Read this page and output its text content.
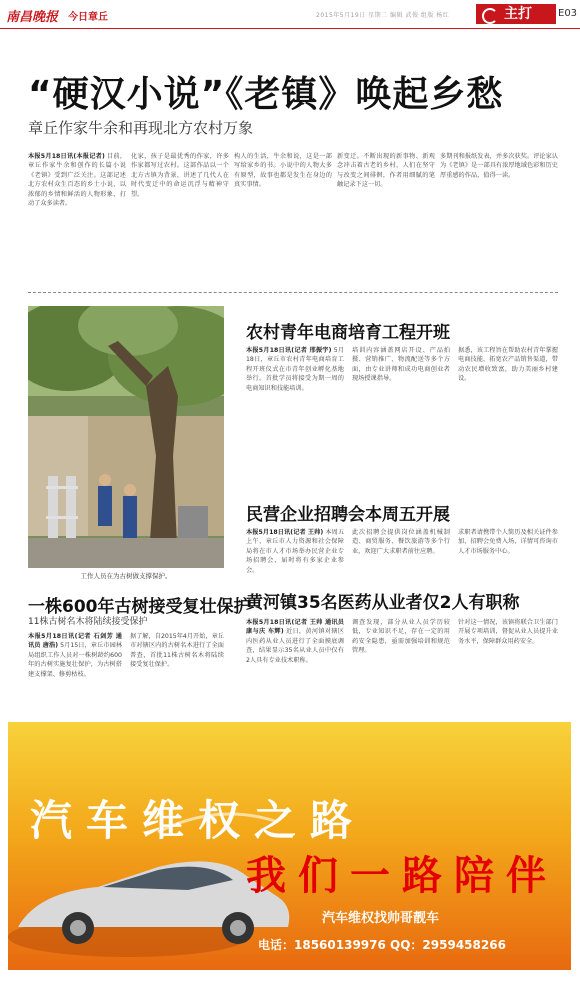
南昌晚报 今日章丘	2015年5月19日 星期二 编辑 武俊 组版 杨红	主打	E03
“硬汉小说”《老镇》唤起乡愁
章丘作家牛余和再现北方农村万象
本报5月18日讯(本报记者) 目前，章丘作家牛余和创作的长篇小说《老镇》受到广泛关注。这部记述北方农村众生百态的乡土小说，以浓郁的乡情和鲜活的人物形象，打动了众多读者。
化家，孩子是最优秀的作家，许多作家都写过农村。这部作品以一个北方古镇为背景，讲述了几代人在时代变迁中的命运沉浮与精神守望。
构人的生活，牛余和说，这是一部写给家乡的书。小说中的人物大多有原型，故事也都是发生在身边的真实事情。
新变迁。不断出现的新事物、新观念冲击着古老的乡村，人们在坚守与改变之间徘徊，作者用细腻的笔触记录下这一切。
多期刊和报纸发表，并多次获奖。评论家认为《老镇》是一部具有浓厚地域色彩和历史厚重感的作品，值得一读。
工作人员在为古树做支撑保护。
一株600年古树接受复壮保护
11株古树名木将陆续接受保护
本报5月18日讯(记者 石剑芳 通讯员 唐浩) 5月15日，章丘市园林局组织工作人员对一株树龄约600年的古树实施复壮保护，为古树搭建支撑架、修剪枯枝。
据了解，自2015年4月开始，章丘市对辖区内的古树名木进行了全面普查，首批11株古树名木将陆续接受复壮保护。
农村青年电商培育工程开班
本报5月18日讯(记者 邢振宇) 5月18日，章丘市农村青年电商培育工程开班仪式在市青年创业孵化基地举行。首批学员将接受为期一周的电商知识和技能培训。
培训内容涵盖网店开设、产品拍摄、营销推广、物流配送等多个方面，由专业讲师和成功电商创业者现场授课指导。
据悉，该工程旨在帮助农村青年掌握电商技能，拓宽农产品销售渠道，带动农民增收致富，助力美丽乡村建设。
民营企业招聘会本周五开展
本报5月18日讯(记者 王帅) 本周五上午，章丘市人力资源和社会保障局将在市人才市场举办民营企业专场招聘会，届时将有多家企业参会。
此次招聘会提供岗位涵盖机械制造、商贸服务、餐饮旅游等多个行业，欢迎广大求职者前往应聘。
求职者请携带个人简历及相关证件参加，招聘会免费入场，详情可咨询市人才市场服务中心。
黄河镇35名医药从业者仅2人有职称
本报5月18日讯(记者 王帅 通讯员 康与庆 车辉) 近日，黄河镇对辖区内医药从业人员进行了全面摸底调查，结果显示35名从业人员中仅有2人具有专业技术职称。
调查发现，部分从业人员学历较低，专业知识不足，存在一定的用药安全隐患，亟需加强培训和规范管理。
针对这一情况，该镇将联合卫生部门开展专项培训，督促从业人员提升业务水平，保障群众用药安全。
汽车维权之路
我们一路陪伴
汽车维权找帅哥靓车
电话：18560139976 QQ：2959458266
